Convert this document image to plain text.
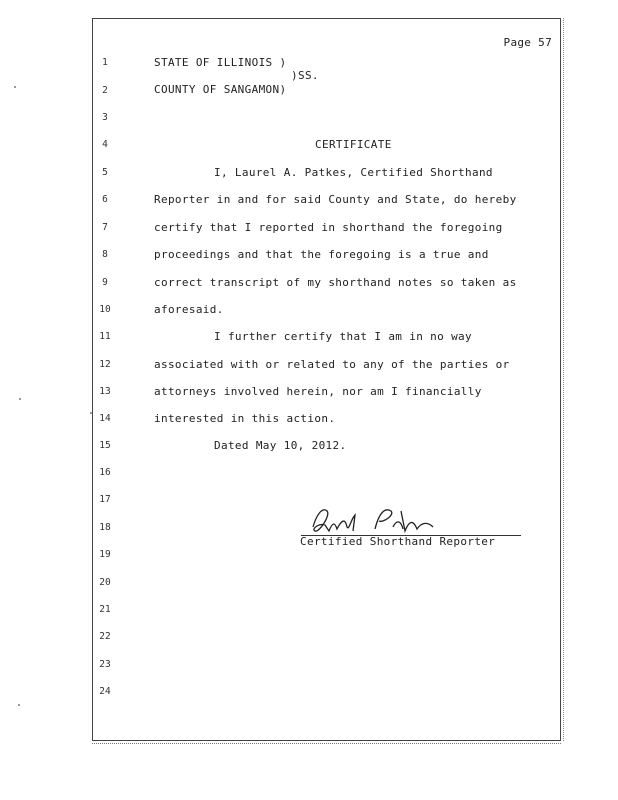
Page 57
1
2
3
4
5
6
7
8
9
10
11
12
13
14
15
16
17
18
19
20
21
22
23
24
STATE OF ILLINOIS )
)SS.
COUNTY OF SANGAMON)
CERTIFICATE
I, Laurel A. Patkes, Certified Shorthand
Reporter in and for said County and State, do hereby
certify that I reported in shorthand the foregoing
proceedings and that the foregoing is a true and
correct transcript of my shorthand notes so taken as
aforesaid.
I further certify that I am in no way
associated with or related to any of the parties or
attorneys involved herein, nor am I financially
interested in this action.
Dated May 10, 2012.
Certified Shorthand Reporter
